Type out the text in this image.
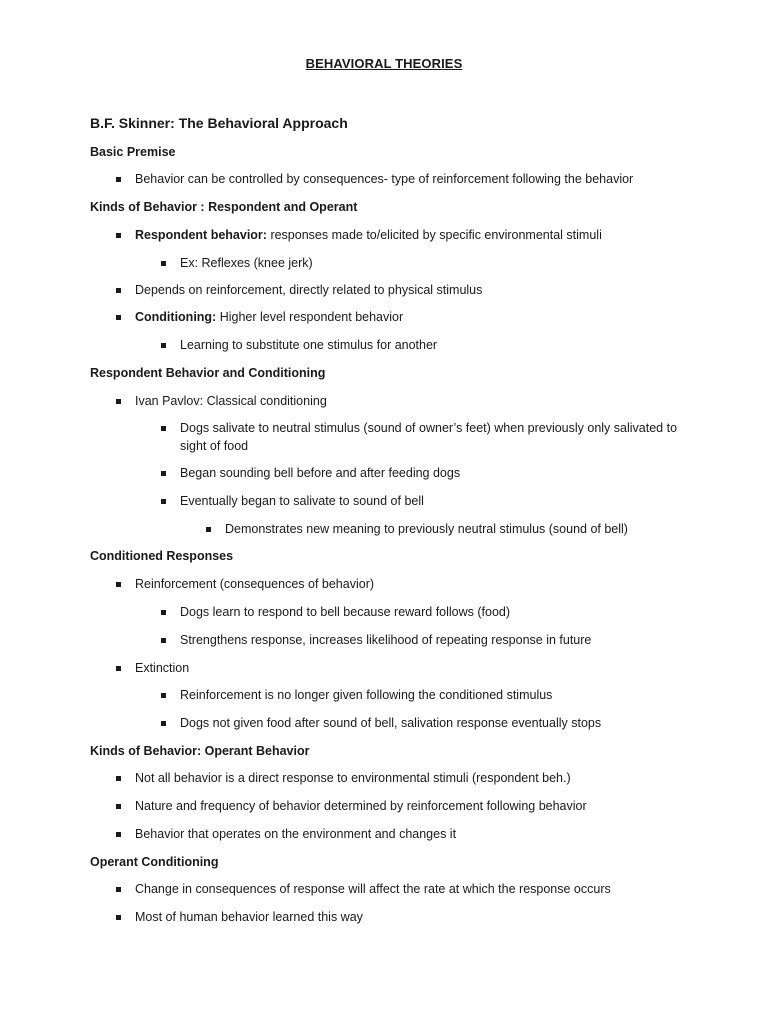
BEHAVIORAL THEORIES
B.F. Skinner: The Behavioral Approach
Basic Premise
Behavior can be controlled by consequences- type of reinforcement following the behavior
Kinds of Behavior : Respondent and Operant
Respondent behavior: responses made to/elicited by specific environmental stimuli
Ex: Reflexes (knee jerk)
Depends on reinforcement, directly related to physical stimulus
Conditioning: Higher level respondent behavior
Learning to substitute one stimulus for another
Respondent Behavior and Conditioning
Ivan Pavlov: Classical conditioning
Dogs salivate to neutral stimulus (sound of owner’s feet) when previously only salivated to sight of food
Began sounding bell before and after feeding dogs
Eventually began to salivate to sound of bell
Demonstrates new meaning to previously neutral stimulus (sound of bell)
Conditioned Responses
Reinforcement (consequences of behavior)
Dogs learn to respond to bell because reward follows (food)
Strengthens response, increases likelihood of repeating response in future
Extinction
Reinforcement is no longer given following the conditioned stimulus
Dogs not given food after sound of bell, salivation response eventually stops
Kinds of Behavior: Operant Behavior
Not all behavior is a direct response to environmental stimuli (respondent beh.)
Nature and frequency of behavior determined by reinforcement following behavior
Behavior that operates on the environment and changes it
Operant Conditioning
Change in consequences of response will affect the rate at which the response occurs
Most of human behavior learned this way
